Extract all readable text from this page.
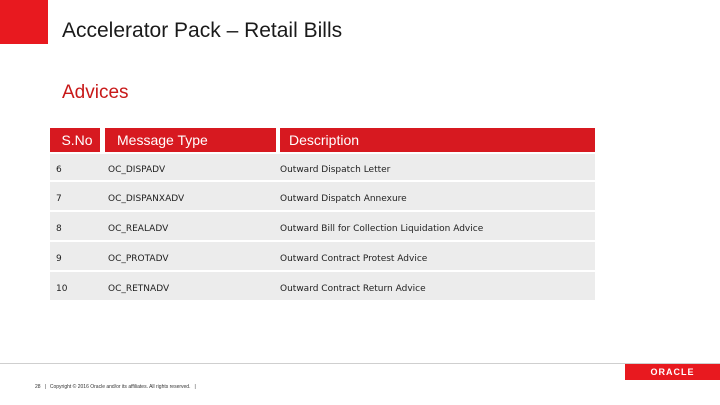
Accelerator Pack – Retail Bills
Advices
S.No	Message Type	Description
6	OC_DISPADV	Outward Dispatch Letter
7	OC_DISPANXADV	Outward Dispatch Annexure
8	OC_REALADV	Outward Bill for Collection Liquidation Advice
9	OC_PROTADV	Outward Contract Protest Advice
10	OC_RETNADV	Outward Contract Return Advice
ORACLE
28 | Copyright © 2016 Oracle and/or its affiliates. All rights reserved. |
